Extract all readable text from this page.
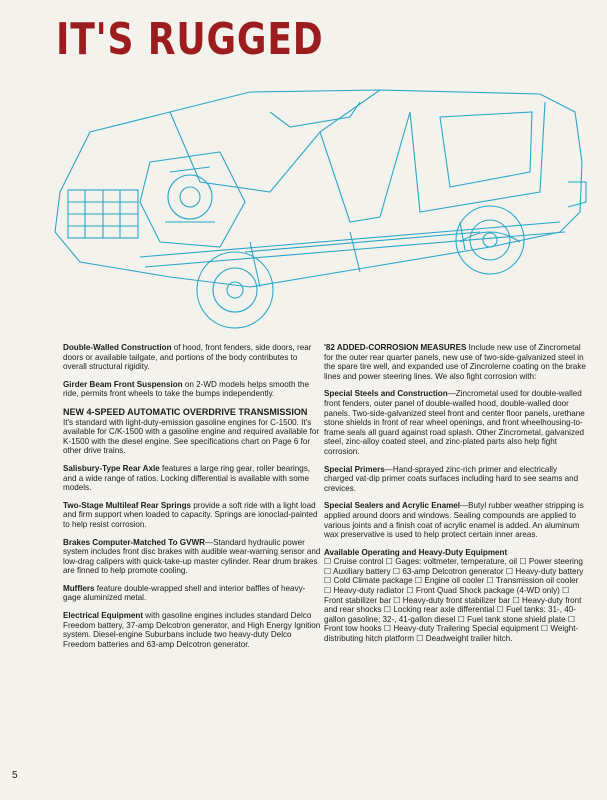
IT'S RUGGED

Double-Walled Construction of hood, front fenders, side doors, rear doors or available tailgate, and portions of the body contributes to overall structural rigidity.

Girder Beam Front Suspension on 2-WD models helps smooth the ride, permits front wheels to take the bumps independently.

NEW 4-SPEED AUTOMATIC OVERDRIVE TRANSMISSION
It's standard with light-duty-emission gasoline engines for C-1500. It's available for C/K-1500 with a gasoline engine and required available for K-1500 with the diesel engine. See specifications chart on Page 6 for other drive trains.

Salisbury-Type Rear Axle features a large ring gear, roller bearings, and a wide range of ratios. Locking differential is available with some models.

Two-Stage Multileaf Rear Springs provide a soft ride with a light load and firm support when loaded to capacity. Springs are ionoclad-painted to help resist corrosion.

Brakes Computer-Matched To GVWR—Standard hydraulic power system includes front disc brakes with audible wear-warning sensor and low-drag calipers with quick-take-up master cylinder. Rear drum brakes are finned to help promote cooling.

Mufflers feature double-wrapped shell and interior baffles of heavy-gage aluminized metal.

Electrical Equipment with gasoline engines includes standard Delco Freedom battery, 37-amp Delcotron generator, and High Energy Ignition system. Diesel-engine Suburbans include two heavy-duty Delco Freedom batteries and 63-amp Delcotron generator.

'82 ADDED-CORROSION MEASURES Include new use of Zincrometal for the outer rear quarter panels, new use of two-side-galvanized steel in the spare tire well, and expanded use of Zincrolerne coating on the brake lines and power steering lines. We also fight corrosion with:

Special Steels and Construction—Zincrometal used for double-walled front fenders, outer panel of double-walled hood, double-walled door panels. Two-side-galvanized steel front and center floor panels, urethane stone shields in front of rear wheel openings, and front wheelhousing-to-frame seals all guard against road splash. Other Zincrometal, galvanized steel, zinc-alloy coated steel, and zinc-plated parts also help fight corrosion.

Special Primers—Hand-sprayed zinc-rich primer and electrically charged vat-dip primer coats surfaces including hard to see seams and crevices.

Special Sealers and Acrylic Enamel—Butyl rubber weather stripping is applied around doors and windows. Sealing compounds are applied to various joints and a finish coat of acrylic enamel is added. An aluminum wax preservative is used to help protect certain inner areas.

Available Operating and Heavy-Duty Equipment
☐ Cruise control ☐ Gages: voltmeter, temperature, oil ☐ Power steering ☐ Auxiliary battery ☐ 63-amp Delcotron generator ☐ Heavy-duty battery ☐ Cold Climate package ☐ Engine oil cooler ☐ Transmission oil cooler ☐ Heavy-duty radiator ☐ Front Quad Shock package (4-WD only) ☐ Front stabilizer bar ☐ Heavy-duty front stabilizer bar ☐ Heavy-duty front and rear shocks ☐ Locking rear axle differential ☐ Fuel tanks: 31-, 40-gallon gasoline; 32-, 41-gallon diesel ☐ Fuel tank stone shield plate ☐ Front tow hooks ☐ Heavy-duty Trailering Special equipment ☐ Weight-distributing hitch platform ☐ Deadweight trailer hitch.

5
